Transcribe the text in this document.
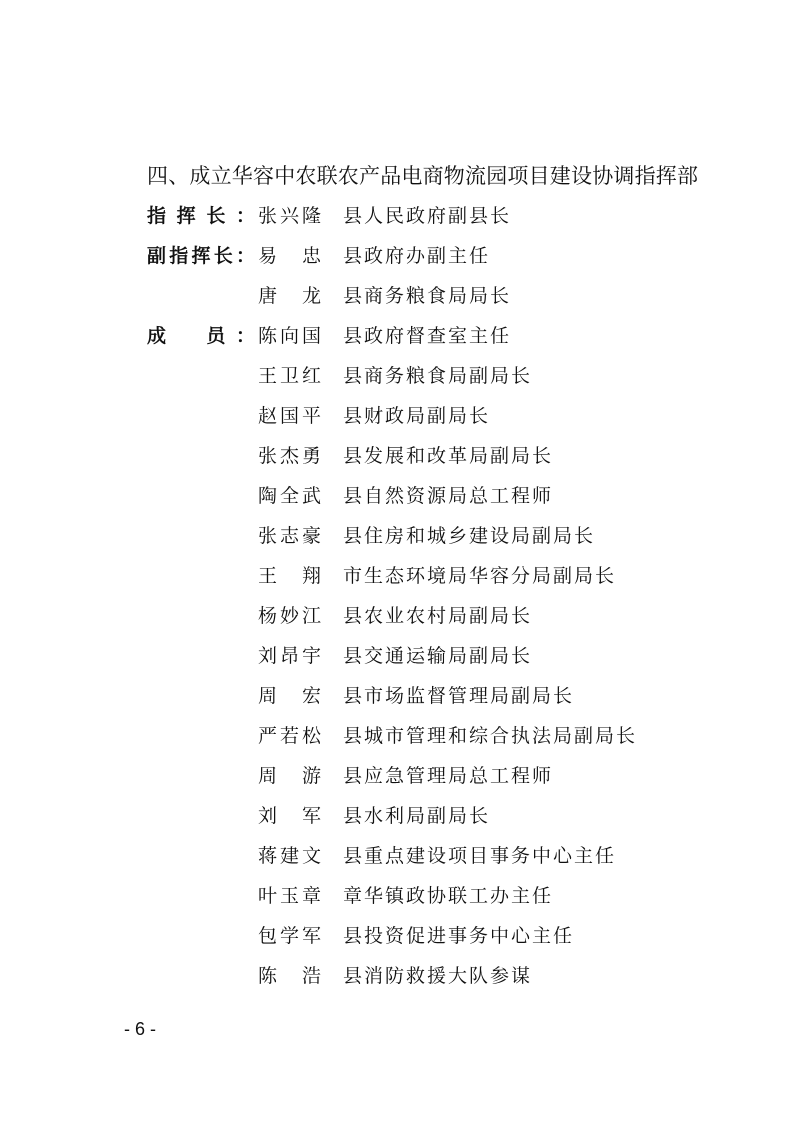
四、成立华容中农联农产品电商物流园项目建设协调指挥部
指挥长： 张兴隆 县人民政府副县长
副指挥长： 易　忠 县政府办副主任
唐　龙 县商务粮食局局长
成　员： 陈向国 县政府督查室主任
王卫红 县商务粮食局副局长
赵国平 县财政局副局长
张杰勇 县发展和改革局副局长
陶全武 县自然资源局总工程师
张志豪 县住房和城乡建设局副局长
王　翔 市生态环境局华容分局副局长
杨妙江 县农业农村局副局长
刘昂宇 县交通运输局副局长
周　宏 县市场监督管理局副局长
严若松 县城市管理和综合执法局副局长
周　游 县应急管理局总工程师
刘　军 县水利局副局长
蒋建文 县重点建设项目事务中心主任
叶玉章 章华镇政协联工办主任
包学军 县投资促进事务中心主任
陈　浩 县消防救援大队参谋
- 6 -
